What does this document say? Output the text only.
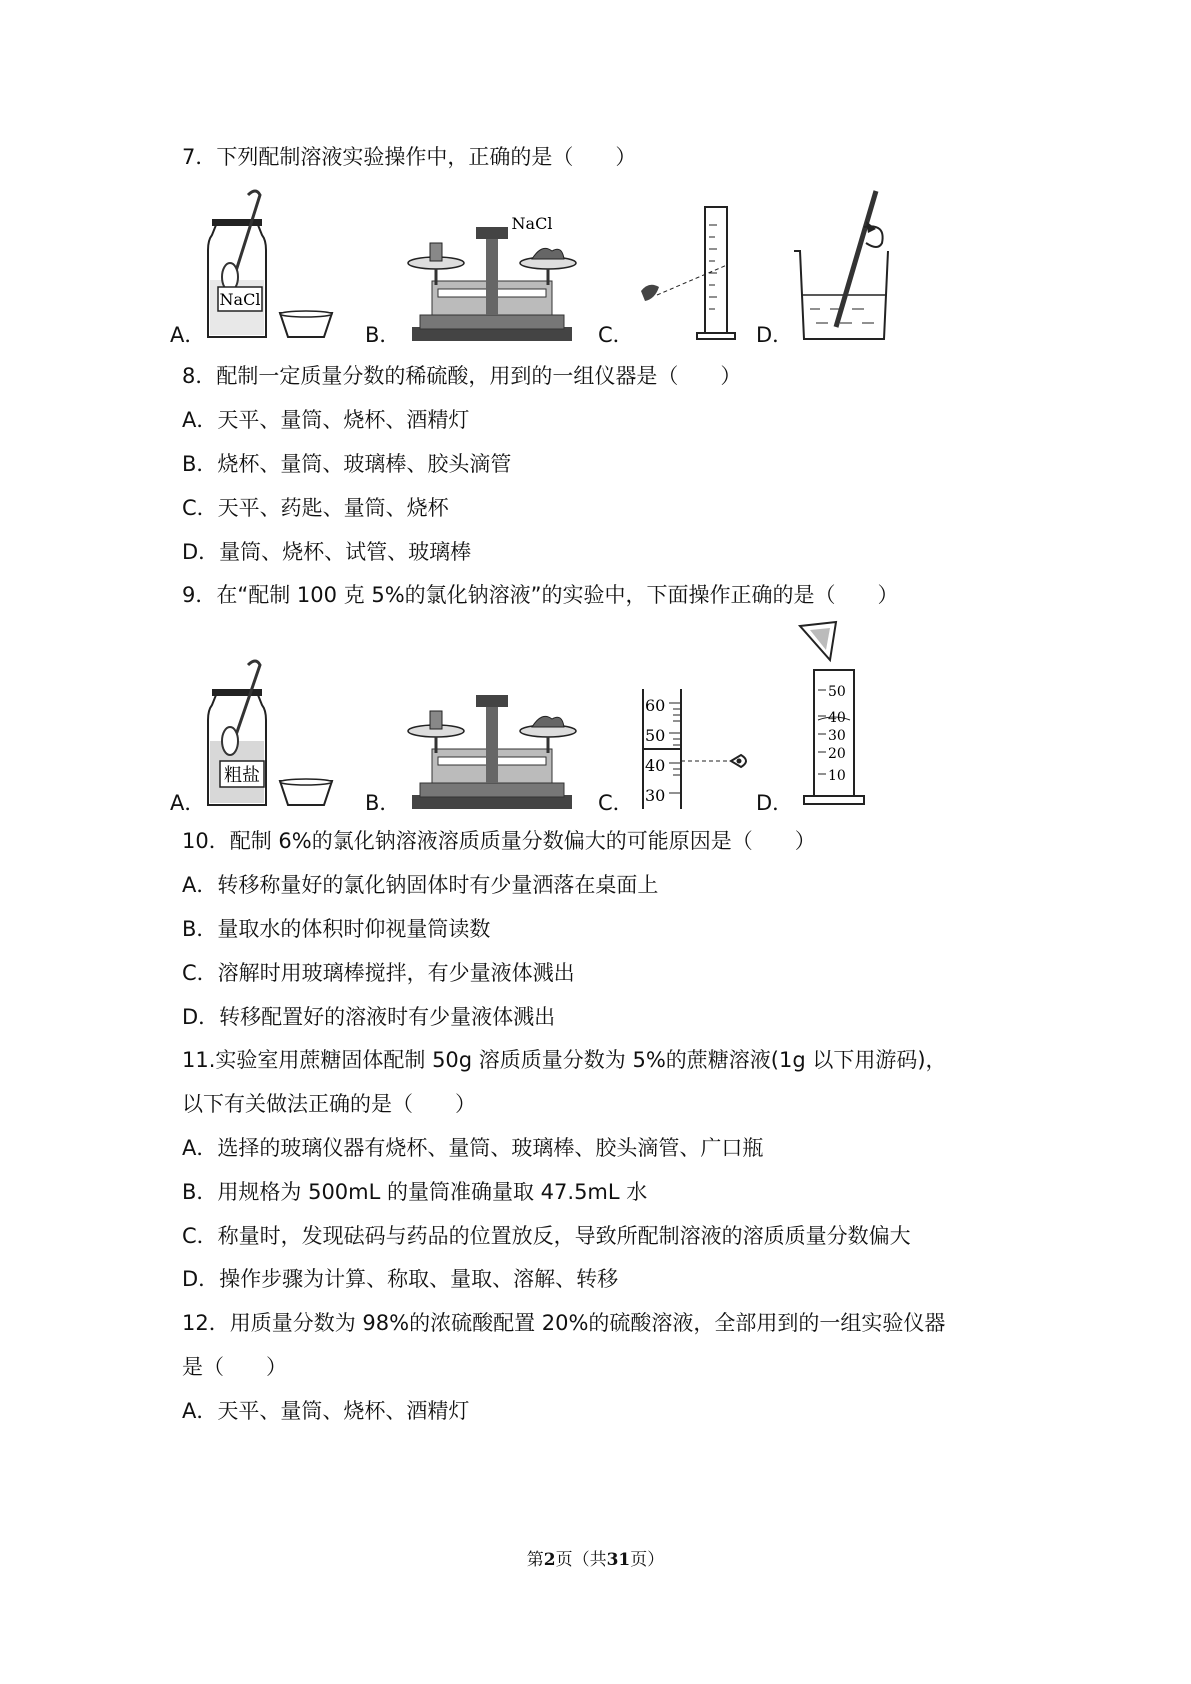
7．下列配制溶液实验操作中，正确的是（　　）
A．	B．	C．	D．
NaCl
NaCl
8．配制一定质量分数的稀硫酸，用到的一组仪器是（　　）
A．天平、量筒、烧杯、酒精灯
B．烧杯、量筒、玻璃棒、胶头滴管
C．天平、药匙、量筒、烧杯
D．量筒、烧杯、试管、玻璃棒
9．在“配制 100 克 5%的氯化钠溶液”的实验中，下面操作正确的是（　　）
A．	B．	C．	D．
粗盐
60
50
40
30
50
40
30
20
10
10．配制 6%的氯化钠溶液溶质质量分数偏大的可能原因是（　　）
A．转移称量好的氯化钠固体时有少量洒落在桌面上
B．量取水的体积时仰视量筒读数
C．溶解时用玻璃棒搅拌，有少量液体溅出
D．转移配置好的溶液时有少量液体溅出
11.实验室用蔗糖固体配制 50g 溶质质量分数为 5%的蔗糖溶液(1g 以下用游码)，
以下有关做法正确的是（　　）
A．选择的玻璃仪器有烧杯、量筒、玻璃棒、胶头滴管、广口瓶
B．用规格为 500mL 的量筒准确量取 47.5mL 水
C．称量时，发现砝码与药品的位置放反，导致所配制溶液的溶质质量分数偏大
D．操作步骤为计算、称取、量取、溶解、转移
12．用质量分数为 98%的浓硫酸配置 20%的硫酸溶液，全部用到的一组实验仪器
是（　　）
A．天平、量筒、烧杯、酒精灯
第2页（共31页）
